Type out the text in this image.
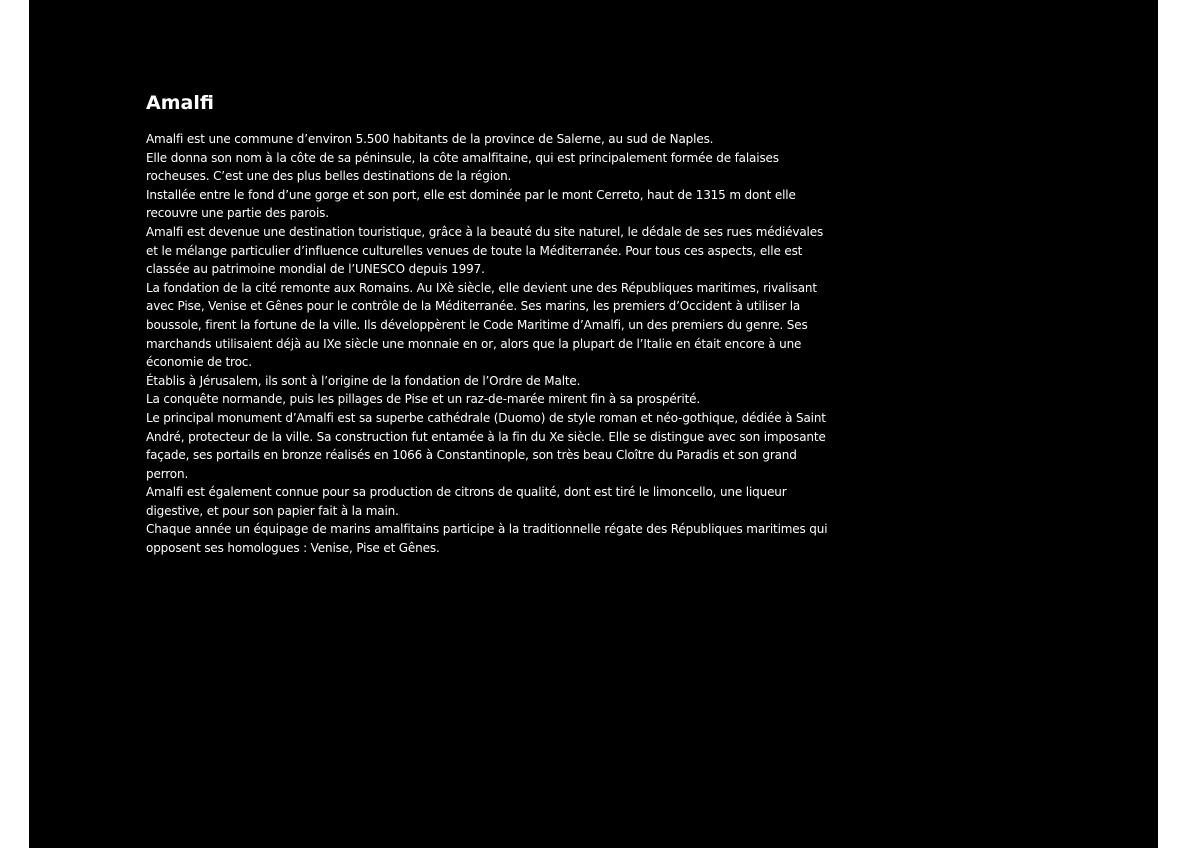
Amalfi

Amalfi est une commune d’environ 5.500 habitants de la province de Salerne, au sud de Naples.

Elle donna son nom à la côte de sa péninsule, la côte amalfitaine, qui est principalement formée de falaises rocheuses. C’est une des plus belles destinations de la région.

Installée entre le fond d’une gorge et son port, elle est dominée par le mont Cerreto, haut de 1315 m dont elle recouvre une partie des parois.

Amalfi est devenue une destination touristique, grâce à la beauté du site naturel, le dédale de ses rues médiévales et le mélange particulier d’influence culturelles venues de toute la Méditerranée. Pour tous ces aspects, elle est classée au patrimoine mondial de l’UNESCO depuis 1997.

La fondation de la cité remonte aux Romains. Au IXè siècle, elle devient une des Républiques maritimes, rivalisant avec Pise, Venise et Gênes pour le contrôle de la Méditerranée. Ses marins, les premiers d’Occident à utiliser la boussole, firent la fortune de la ville. Ils développèrent le Code Maritime d’Amalfi, un des premiers du genre. Ses marchands utilisaient déjà au IXe siècle une monnaie en or, alors que la plupart de l’Italie en était encore à une économie de troc.

Établis à Jérusalem, ils sont à l’origine de la fondation de l’Ordre de Malte.

La conquête normande, puis les pillages de Pise et un raz-de-marée mirent fin à sa prospérité.

Le principal monument d’Amalfi est sa superbe cathédrale (Duomo) de style roman et néo-gothique, dédiée à Saint André, protecteur de la ville. Sa construction fut entamée à la fin du Xe siècle. Elle se distingue avec son imposante façade, ses portails en bronze réalisés en 1066 à Constantinople, son très beau Cloître du Paradis et son grand perron.

Amalfi est également connue pour sa production de citrons de qualité, dont est tiré le limoncello, une liqueur digestive, et pour son papier fait à la main.

Chaque année un équipage de marins amalfitains participe à la traditionnelle régate des Républiques maritimes qui opposent ses homologues : Venise, Pise et Gênes.
